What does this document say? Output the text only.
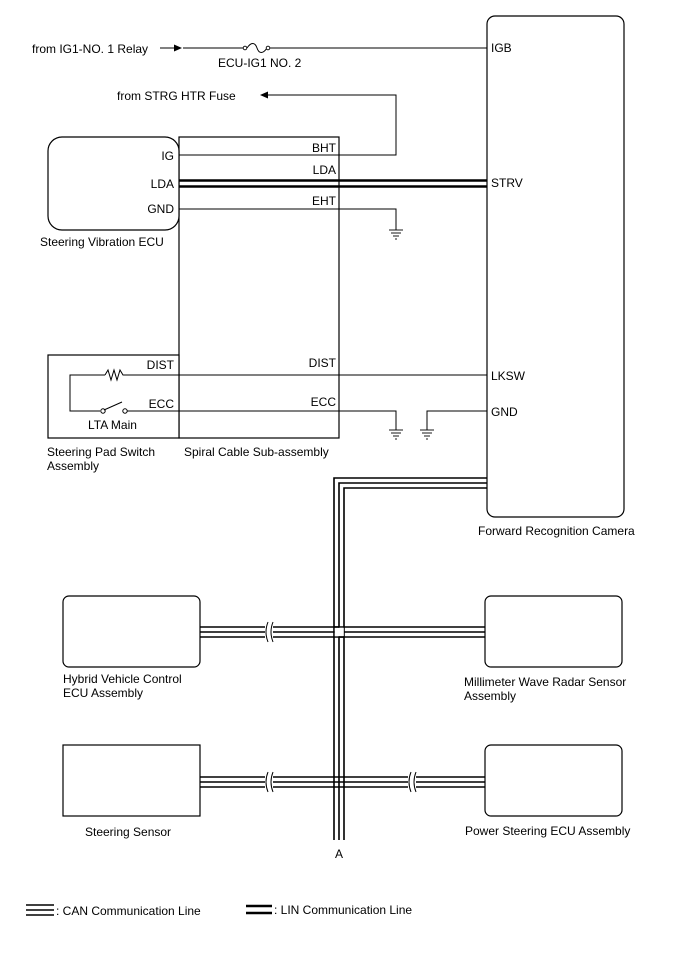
from IG1-NO. 1 Relay
ECU-IG1 NO. 2
from STRG HTR Fuse
IG
LDA
GND
Steering Vibration ECU
BHT
LDA
EHT
DIST
ECC
Spiral Cable Sub-assembly
DIST
ECC
LTA Main
Steering Pad Switch
Assembly
IGB
STRV
LKSW
GND
Forward Recognition Camera
A
Hybrid Vehicle Control
ECU Assembly
Millimeter Wave Radar Sensor
Assembly
Steering Sensor	Power Steering ECU Assembly
: CAN Communication Line	: LIN Communication Line
